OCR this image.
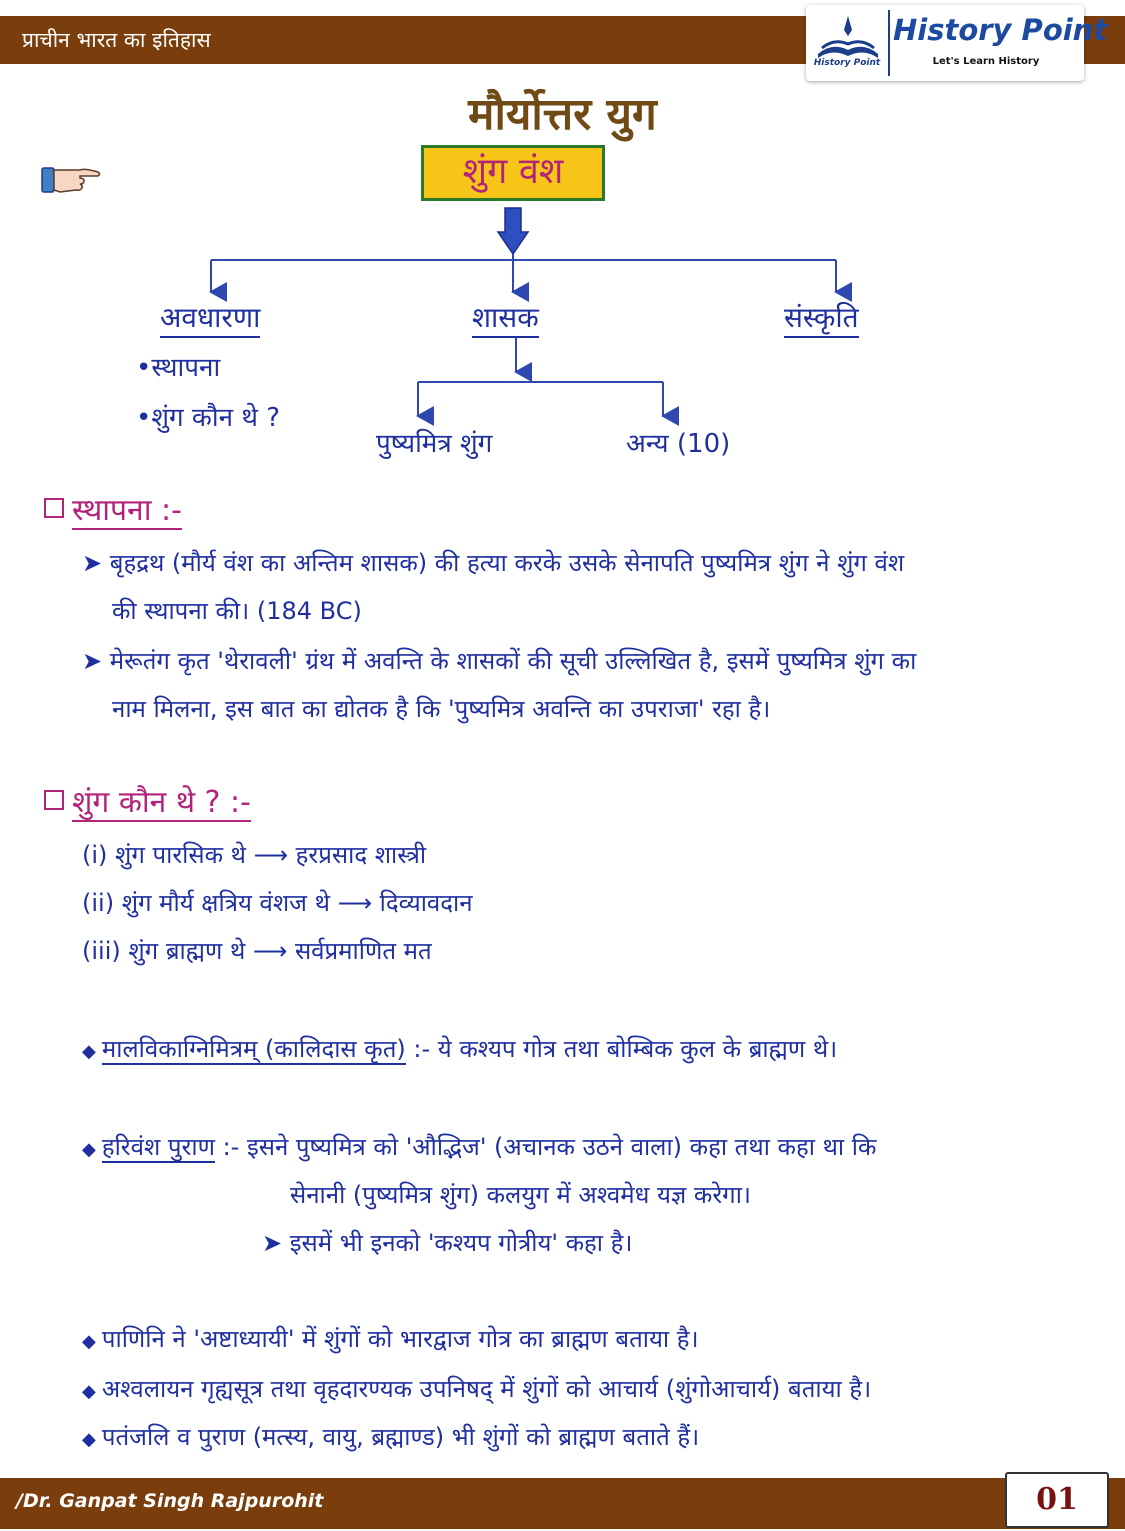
प्राचीन भारत का इतिहास
History Point
History Point
Let's Learn History
मौर्योत्तर युग
शुंग वंश
अवधारणा	शासक	संस्कृति
•स्थापना
•शुंग कौन थे ?
पुष्यमित्र शुंग	अन्य (10)
स्थापना :-
➤ बृहद्रथ (मौर्य वंश का अन्तिम शासक) की हत्या करके उसके सेनापति पुष्यमित्र शुंग ने शुंग वंश
की स्थापना की। (184 BC)
➤ मेरूतंग कृत 'थेरावली' ग्रंथ में अवन्ति के शासकों की सूची उल्लिखित है, इसमें पुष्यमित्र शुंग का
नाम मिलना, इस बात का द्योतक है कि 'पुष्यमित्र अवन्ति का उपराजा' रहा है।
शुंग कौन थे ? :-
(i) शुंग पारसिक थे ⟶ हरप्रसाद शास्त्री
(ii) शुंग मौर्य क्षत्रिय वंशज थे ⟶ दिव्यावदान
(iii) शुंग ब्राह्मण थे ⟶ सर्वप्रमाणित मत
◆ मालविकाग्निमित्रम् (कालिदास कृत) :- ये कश्यप गोत्र तथा बोम्बिक कुल के ब्राह्मण थे।
◆ हरिवंश पुराण :- इसने पुष्यमित्र को 'औद्भिज' (अचानक उठने वाला) कहा तथा कहा था कि
सेनानी (पुष्यमित्र शुंग) कलयुग में अश्वमेध यज्ञ करेगा।
➤ इसमें भी इनको 'कश्यप गोत्रीय' कहा है।
◆ पाणिनि ने 'अष्टाध्यायी' में शुंगों को भारद्वाज गोत्र का ब्राह्मण बताया है।
◆ अश्वलायन गृह्यसूत्र तथा वृहदारण्यक उपनिषद् में शुंगों को आचार्य (शुंगोआचार्य) बताया है।
◆ पतंजलि व पुराण (मत्स्य, वायु, ब्रह्माण्ड) भी शुंगों को ब्राह्मण बताते हैं।
/Dr. Ganpat Singh Rajpurohit	01
